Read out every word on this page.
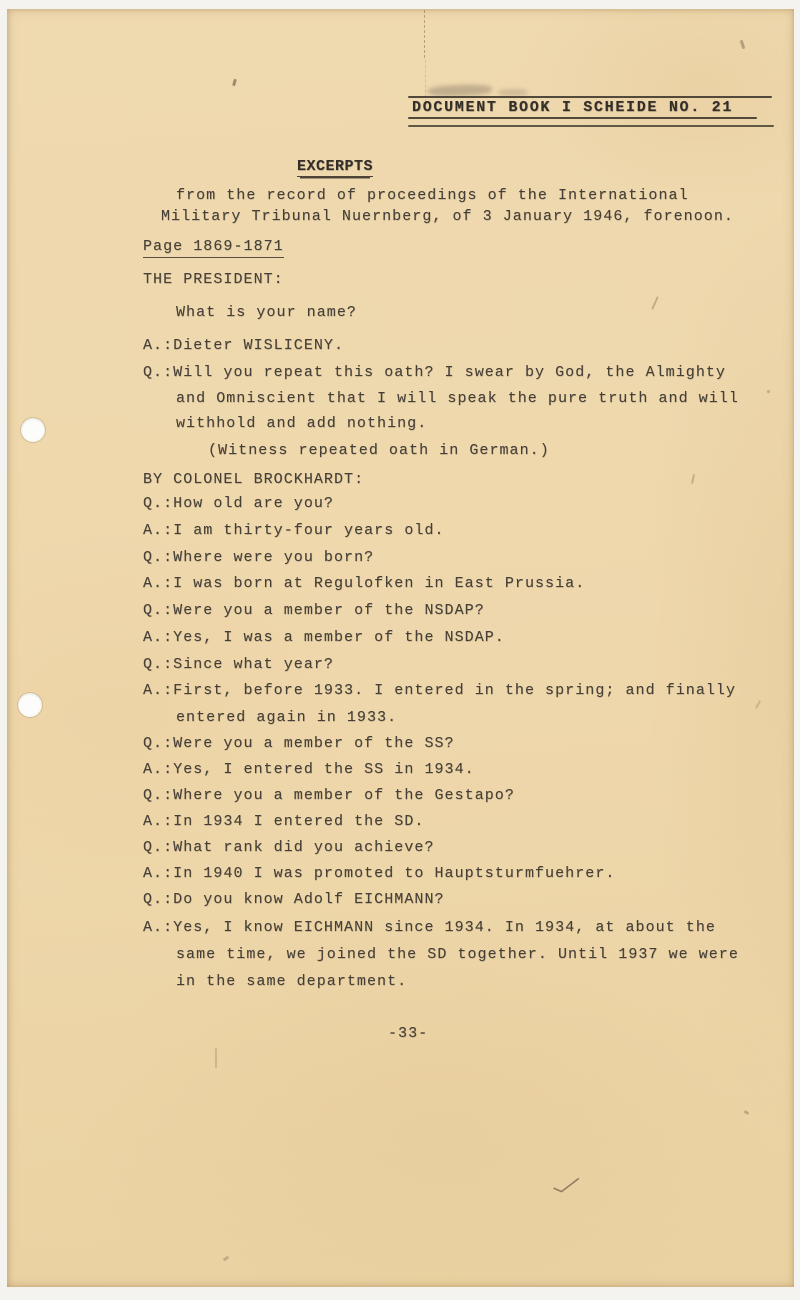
DOCUMENT BOOK I SCHEIDE NO. 21
EXCERPTS
from the record of proceedings of the International
Military Tribunal Nuernberg, of 3 January 1946, forenoon.
Page 1869-1871
THE PRESIDENT:
What is your name?
A.:Dieter WISLICENY.
Q.:Will you repeat this oath? I swear by God, the Almighty
and Omniscient that I will speak the pure truth and will
withhold and add nothing.
(Witness repeated oath in German.)
BY COLONEL BROCKHARDT:
Q.:How old are you?
A.:I am thirty-four years old.
Q.:Where were you born?
A.:I was born at Regulofken in East Prussia.
Q.:Were you a member of the NSDAP?
A.:Yes, I was a member of the NSDAP.
Q.:Since what year?
A.:First, before 1933. I entered in the spring; and finally
entered again in 1933.
Q.:Were you a member of the SS?
A.:Yes, I entered the SS in 1934.
Q.:Where you a member of the Gestapo?
A.:In 1934 I entered the SD.
Q.:What rank did you achieve?
A.:In 1940 I was promoted to Hauptsturmfuehrer.
Q.:Do you know Adolf EICHMANN?
A.:Yes, I know EICHMANN since 1934. In 1934, at about the
same time, we joined the SD together. Until 1937 we were
in the same department.
-33-
